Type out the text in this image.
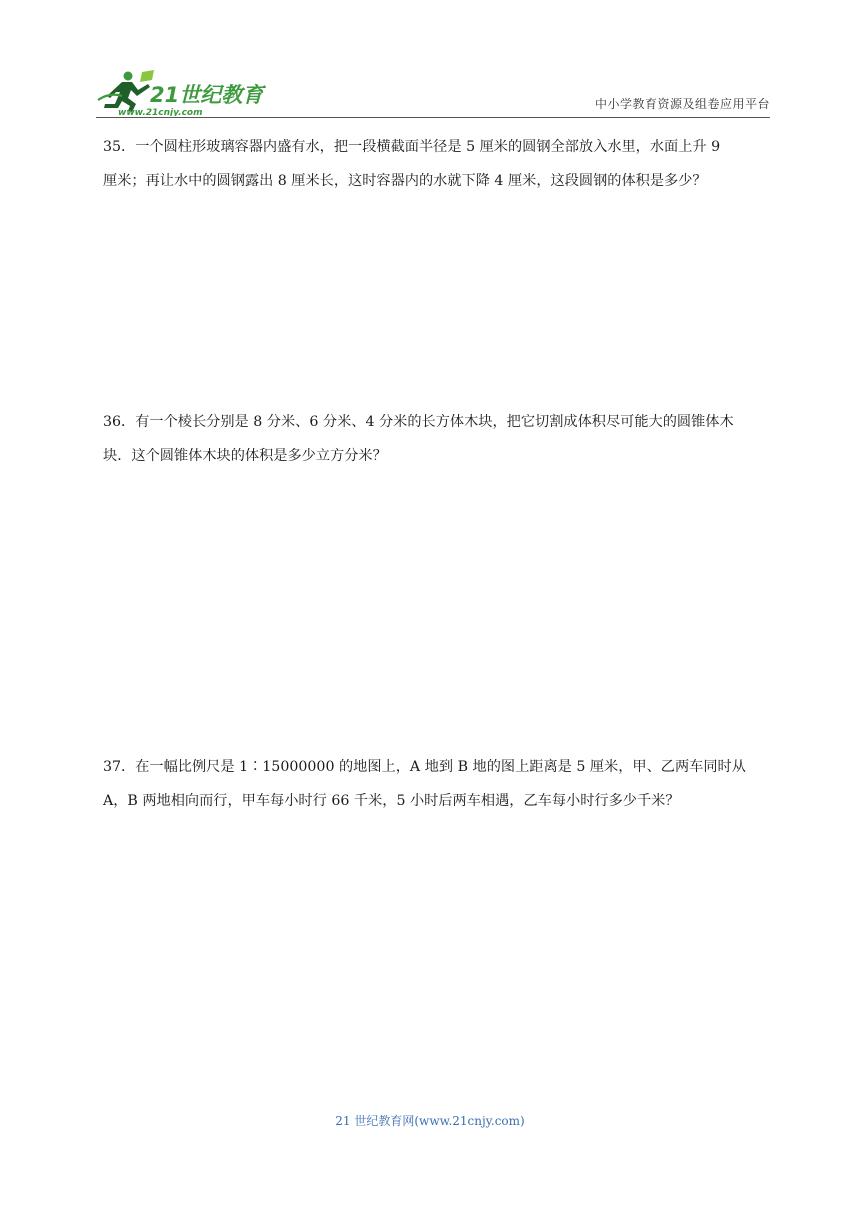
21世纪教育
www.21cnjy.com
中小学教育资源及组卷应用平台
35．一个圆柱形玻璃容器内盛有水，把一段横截面半径是 5 厘米的圆钢全部放入水里，水面上升 9
厘米；再让水中的圆钢露出 8 厘米长，这时容器内的水就下降 4 厘米，这段圆钢的体积是多少？
36．有一个棱长分别是 8 分米、6 分米、4 分米的长方体木块，把它切割成体积尽可能大的圆锥体木
块．这个圆锥体木块的体积是多少立方分米？
37．在一幅比例尺是 1∶15000000 的地图上，A 地到 B 地的图上距离是 5 厘米，甲、乙两车同时从
A，B 两地相向而行，甲车每小时行 66 千米，5 小时后两车相遇，乙车每小时行多少千米？
21 世纪教育网(www.21cnjy.com)
